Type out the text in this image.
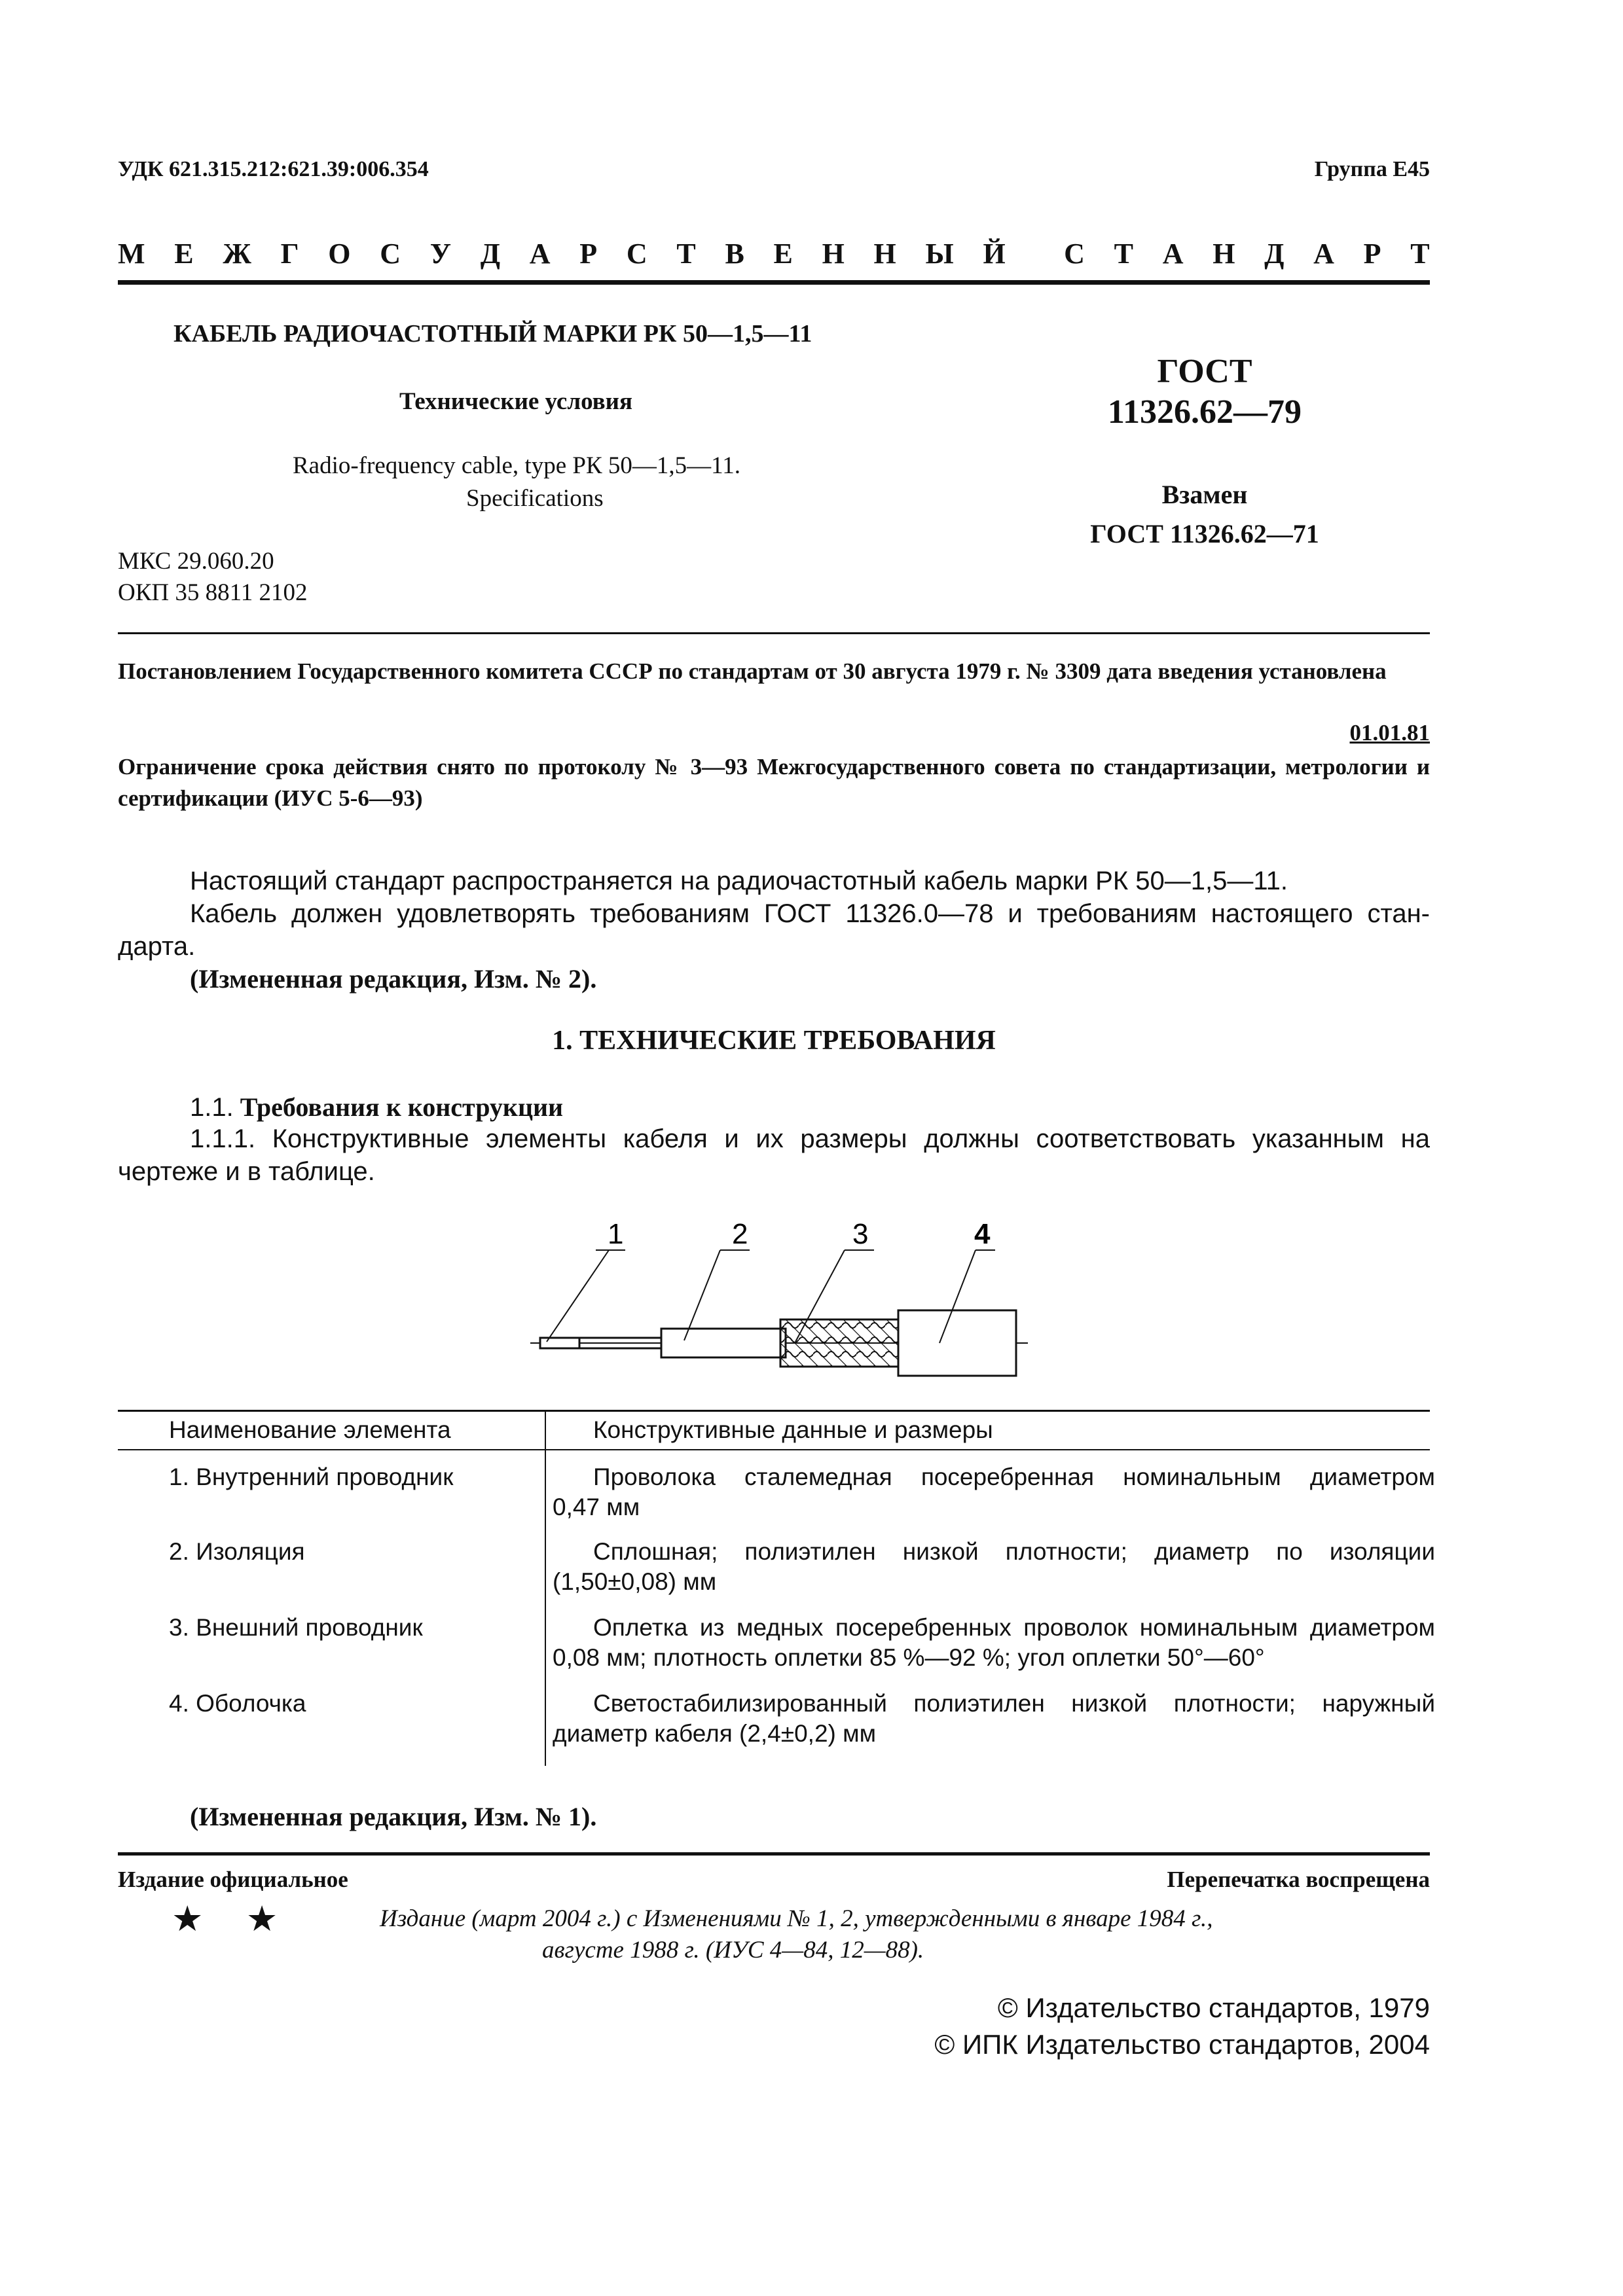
УДК 621.315.212:621.39:006.354	Группа Е45
М Е Ж Г О С У Д А Р С Т В Е Н Н Ы Й С Т А Н Д А Р Т
КАБЕЛЬ РАДИОЧАСТОТНЫЙ МАРКИ РК 50—1,5—11
Технические условия
Radio-frequency cable, type РК 50—1,5—11.
Specifications
МКС 29.060.20
ОКП 35 8811 2102
ГОСТ
11326.62—79
Взамен
ГОСТ 11326.62—71
Постановлением Государственного комитета СССР по стандартам от 30 августа 1979 г. № 3309 дата введения установлена
01.01.81
Ограничение срока действия снято по протоколу № 3—93 Межгосударственного совета по стандартизации, метрологии и сертификации (ИУС 5-6—93)
Настоящий стандарт распространяется на радиочастотный кабель марки РК 50—1,5—11.
Кабель должен удовлетворять требованиям ГОСТ 11326.0—78 и требованиям настоящего стан-
дарта.
(Измененная редакция, Изм. № 2).
1. ТЕХНИЧЕСКИЕ ТРЕБОВАНИЯ
1.1. Требования к конструкции
1.1.1. Конструктивные элементы кабеля и их размеры должны соответствовать указанным на
чертеже и в таблице.
1	2	3	4
Наименование элемента	Конструктивные данные и размеры
1. Внутренний проводник	Проволока сталемедная посеребренная номинальным диаметром
0,47 мм
2. Изоляция	Сплошная; полиэтилен низкой плотности; диаметр по изоляции
(1,50±0,08) мм
3. Внешний проводник	Оплетка из медных посеребренных проволок номинальным диаметром
0,08 мм; плотность оплетки 85 %—92 %; угол оплетки 50°—60°
4. Оболочка	Светостабилизированный полиэтилен низкой плотности; наружный
диаметр кабеля (2,4±0,2) мм
(Измененная редакция, Изм. № 1).
Издание официальное	Перепечатка воспрещена
★ ★	Издание (март 2004 г.) с Изменениями № 1, 2, утвержденными в январе 1984 г.,
августе 1988 г. (ИУС 4—84, 12—88).
© Издательство стандартов, 1979
© ИПК Издательство стандартов, 2004
